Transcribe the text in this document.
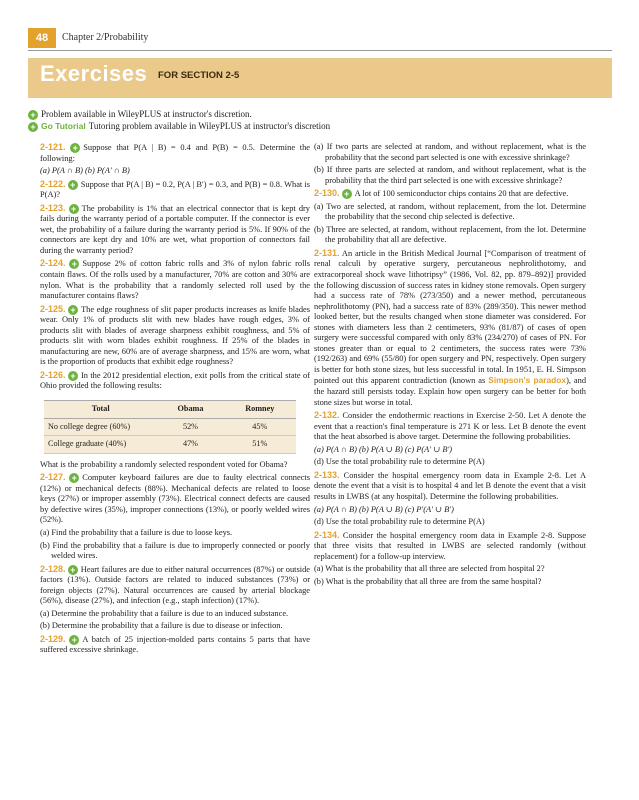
48	Chapter 2/Probability
Exercises FOR SECTION 2-5
+ Problem available in WileyPLUS at instructor's discretion.
+ Go Tutorial Tutoring problem available in WileyPLUS at instructor's discretion

2-121. + Suppose that P(A | B) = 0.4 and P(B) = 0.5. Determine the following:

(a) P(A ∩ B) (b) P(A′ ∩ B)

2-122. + Suppose that P(A | B) = 0.2, P(A | B′) = 0.3, and P(B) = 0.8. What is P(A)?

2-123. + The probability is 1% that an electrical connector that is kept dry fails during the warranty period of a portable computer. If the connector is ever wet, the probability of a failure during the warranty period is 5%. If 90% of the connectors are kept dry and 10% are wet, what proportion of connectors fail during the warranty period?

2-124. + Suppose 2% of cotton fabric rolls and 3% of nylon fabric rolls contain flaws. Of the rolls used by a manufacturer, 70% are cotton and 30% are nylon. What is the probability that a randomly selected roll used by the manufacturer contains flaws?

2-125. + The edge roughness of slit paper products increases as knife blades wear. Only 1% of products slit with new blades have rough edges, 3% of products slit with blades of average sharpness exhibit roughness, and 5% of products slit with worn blades exhibit roughness. If 25% of the blades in manufacturing are new, 60% are of average sharpness, and 15% are worn, what is the proportion of products that exhibit edge roughness?

2-126. + In the 2012 presidential election, exit polls from the critical state of Ohio provided the following results:

Total	Obama	Romney
No college degree (60%)	52%	45%
College graduate (40%)	47%	51%

What is the probability a randomly selected respondent voted for Obama?

2-127. + Computer keyboard failures are due to faulty electrical connects (12%) or mechanical defects (88%). Mechanical defects are related to loose keys (27%) or improper assembly (73%). Electrical connect defects are caused by defective wires (35%), improper connections (13%), or poorly welded wires (52%).

(a) Find the probability that a failure is due to loose keys.

(b) Find the probability that a failure is due to improperly connected or poorly welded wires.

2-128. + Heart failures are due to either natural occurrences (87%) or outside factors (13%). Outside factors are related to induced substances (73%) or foreign objects (27%). Natural occurrences are caused by arterial blockage (56%), disease (27%), and infection (e.g., staph infection) (17%).

(a) Determine the probability that a failure is due to an induced substance.

(b) Determine the probability that a failure is due to disease or infection.

2-129. + A batch of 25 injection-molded parts contains 5 parts that have suffered excessive shrinkage.

(a) If two parts are selected at random, and without replacement, what is the probability that the second part selected is one with excessive shrinkage?

(b) If three parts are selected at random, and without replacement, what is the probability that the third part selected is one with excessive shrinkage?

2-130. + A lot of 100 semiconductor chips contains 20 that are defective.

(a) Two are selected, at random, without replacement, from the lot. Determine the probability that the second chip selected is defective.

(b) Three are selected, at random, without replacement, from the lot. Determine the probability that all are defective.

2-131. An article in the British Medical Journal [“Comparison of treatment of renal calculi by operative surgery, percutaneous nephrolithotomy, and extracorporeal shock wave lithotripsy” (1986, Vol. 82, pp. 879–892)] provided the following discussion of success rates in kidney stone removals. Open surgery had a success rate of 78% (273/350) and a newer method, percutaneous nephrolithotomy (PN), had a success rate of 83% (289/350). This newer method looked better, but the results changed when stone diameter was considered. For stones with diameters less than 2 centimeters, 93% (81/87) of cases of open surgery were successful compared with only 83% (234/270) of cases of PN. For stones greater than or equal to 2 centimeters, the success rates were 73% (192/263) and 69% (55/80) for open surgery and PN, respectively. Open surgery is better for both stone sizes, but less successful in total. In 1951, E. H. Simpson pointed out this apparent contradiction (known as Simpson's paradox), and the hazard still persists today. Explain how open surgery can be better for both stone sizes but worse in total.

2-132. Consider the endothermic reactions in Exercise 2-50. Let A denote the event that a reaction's final temperature is 271 K or less. Let B denote the event that the heat absorbed is above target. Determine the following probabilities.

(a) P(A ∩ B) (b) P(A ∪ B) (c) P(A′ ∪ B′)

(d) Use the total probability rule to determine P(A)

2-133. Consider the hospital emergency room data in Example 2-8. Let A denote the event that a visit is to hospital 4 and let B denote the event that a visit results in LWBS (at any hospital). Determine the following probabilities.

(a) P(A ∩ B) (b) P(A ∪ B) (c) P′(A′ ∪ B′)

(d) Use the total probability rule to determine P(A)

2-134. Consider the hospital emergency room data in Example 2-8. Suppose that three visits that resulted in LWBS are selected randomly (without replacement) for a follow-up interview.

(a) What is the probability that all three are selected from hospital 2?

(b) What is the probability that all three are from the same hospital?
